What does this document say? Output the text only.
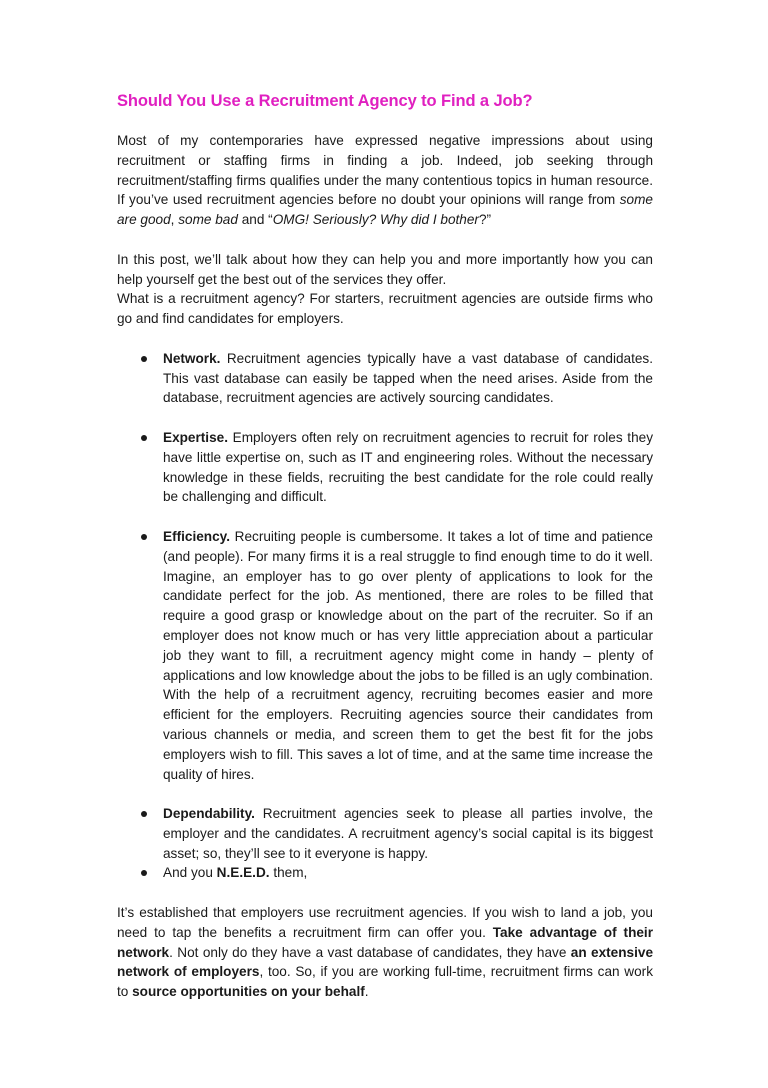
Should You Use a Recruitment Agency to Find a Job?

Most of my contemporaries have expressed negative impressions about using recruitment or staffing firms in finding a job. Indeed, job seeking through recruitment/staffing firms qualifies under the many contentious topics in human resource. If you’ve used recruitment agencies before no doubt your opinions will range from some are good, some bad and “OMG! Seriously? Why did I bother?”

In this post, we’ll talk about how they can help you and more importantly how you can help yourself get the best out of the services they offer.

What is a recruitment agency? For starters, recruitment agencies are outside firms who go and find candidates for employers.

Network. Recruitment agencies typically have a vast database of candidates. This vast database can easily be tapped when the need arises. Aside from the database, recruitment agencies are actively sourcing candidates.
Expertise. Employers often rely on recruitment agencies to recruit for roles they have little expertise on, such as IT and engineering roles. Without the necessary knowledge in these fields, recruiting the best candidate for the role could really be challenging and difficult.
Efficiency. Recruiting people is cumbersome. It takes a lot of time and patience (and people). For many firms it is a real struggle to find enough time to do it well. Imagine, an employer has to go over plenty of applications to look for the candidate perfect for the job. As mentioned, there are roles to be filled that require a good grasp or knowledge about on the part of the recruiter. So if an employer does not know much or has very little appreciation about a particular job they want to fill, a recruitment agency might come in handy – plenty of applications and low knowledge about the jobs to be filled is an ugly combination. With the help of a recruitment agency, recruiting becomes easier and more efficient for the employers. Recruiting agencies source their candidates from various channels or media, and screen them to get the best fit for the jobs employers wish to fill. This saves a lot of time, and at the same time increase the quality of hires.
Dependability. Recruitment agencies seek to please all parties involve, the employer and the candidates. A recruitment agency’s social capital is its biggest asset; so, they’ll see to it everyone is happy.
And you N.E.E.D. them,

It’s established that employers use recruitment agencies. If you wish to land a job, you need to tap the benefits a recruitment firm can offer you. Take advantage of their network. Not only do they have a vast database of candidates, they have an extensive network of employers, too. So, if you are working full-time, recruitment firms can work to source opportunities on your behalf.
